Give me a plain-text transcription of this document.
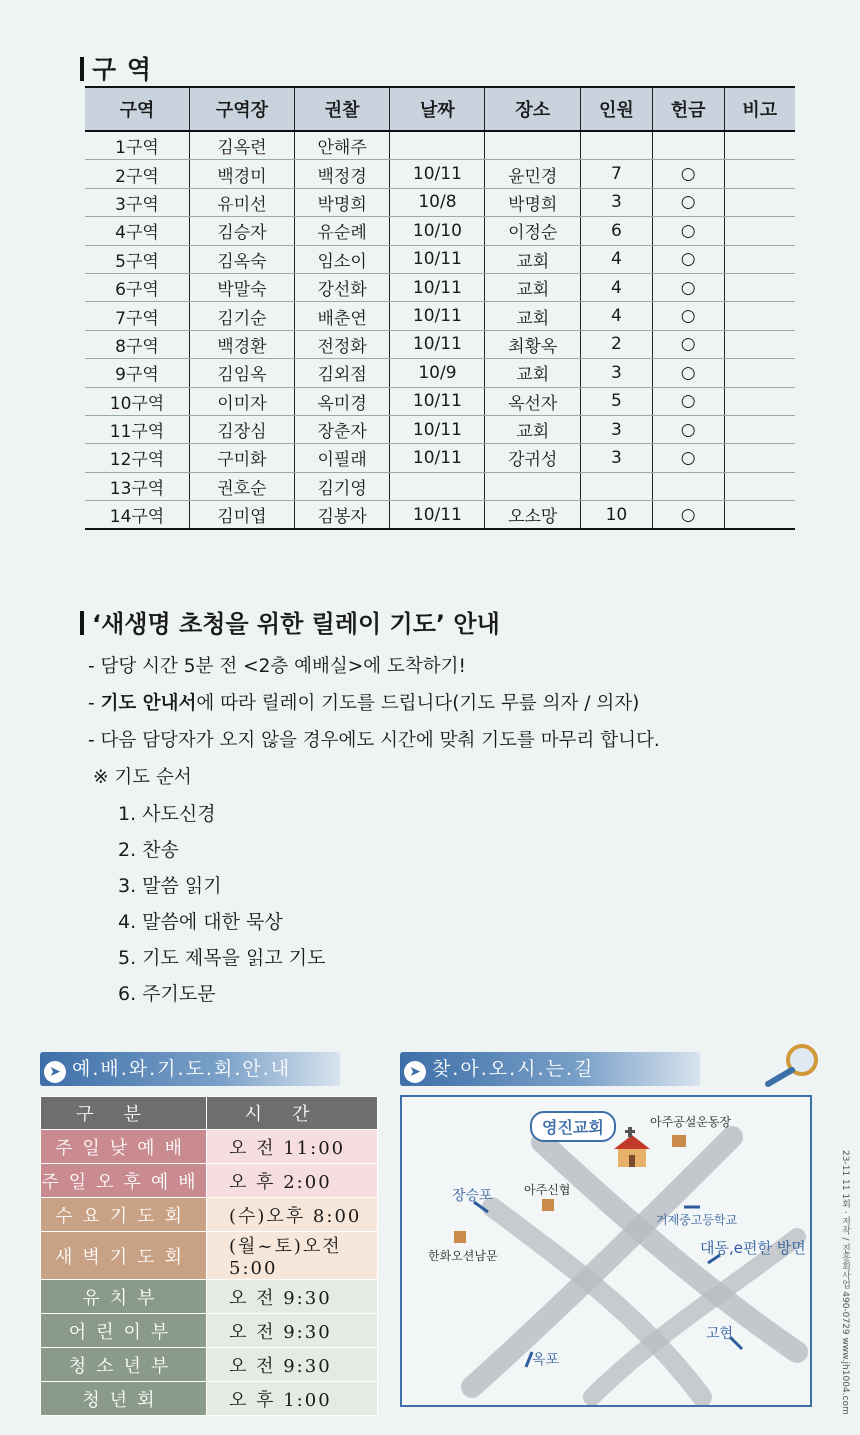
구 역
구역	구역장	권찰	날짜	장소	인원	헌금	비고
1구역	김옥련	안해주					
2구역	백경미	백정경	10/11	윤민경	7	○	
3구역	유미선	박명희	10/8	박명희	3	○	
4구역	김승자	유순례	10/10	이정순	6	○	
5구역	김옥숙	임소이	10/11	교회	4	○	
6구역	박말숙	강선화	10/11	교회	4	○	
7구역	김기순	배춘연	10/11	교회	4	○	
8구역	백경환	전정화	10/11	최황옥	2	○	
9구역	김임옥	김외점	10/9	교회	3	○	
10구역	이미자	옥미경	10/11	옥선자	5	○	
11구역	김장심	장춘자	10/11	교회	3	○	
12구역	구미화	이필래	10/11	강귀성	3	○	
13구역	권호순	김기영					
14구역	김미엽	김봉자	10/11	오소망	10	○	
‘새생명 초청을 위한 릴레이 기도’ 안내
- 담당 시간 5분 전 <2층 예배실>에 도착하기!
- 기도 안내서에 따라 릴레이 기도를 드립니다(기도 무릎 의자 / 의자)
- 다음 담당자가 오지 않을 경우에도 시간에 맞춰 기도를 마무리 합니다.
※ 기도 순서
1. 사도신경
2. 찬송
3. 말씀 읽기
4. 말씀에 대한 묵상
5. 기도 제목을 읽고 기도
6. 주기도문
➤ 예.배.와.기.도.회.안.내
구분	시간
주일낮예배	오 전 11:00
주일오후예배	오 후 2:00
수요기도회	(수)오후 8:00
새벽기도회	(월~토)오전 5:00
유치부	오 전 9:30
어린이부	오 전 9:30
청소년부	오 전 9:30
청년회	오 후 1:00
➤ 찾.아.오.시.는.길
영진교회	아주공설운동장
장승포	아주신협
한화오션남문
거제중고등학교
대동,e편한 방면
고현
옥포	23-11 11 1회 · 저작 / 진흥회사업 490-0729 www.jh1004.com
